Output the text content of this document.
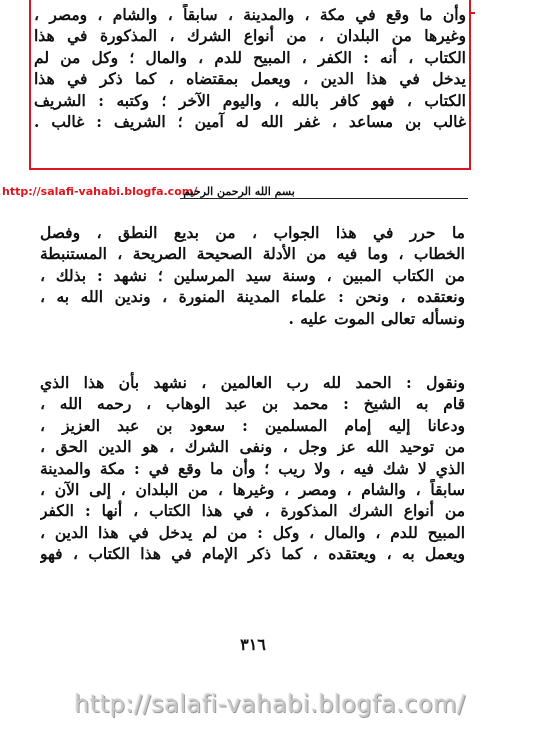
وأن ما وقع في مكة ، والمدينة ، سابقاً ، والشام ، ومصر ،
وغيرها من البلدان ، من أنواع الشرك ، المذكورة في هذا
الكتاب ، أنه : الكفر ، المبيح للدم ، والمال ؛ وكل من لم
يدخل في هذا الدين ، ويعمل بمقتضاه ، كما ذكر في هذا
الكتاب ، فهو كافر بالله ، واليوم الآخر ؛ وكتبه : الشريف
غالب بن مساعد ، غفر الله له آمين ؛ الشريف : غالب .
http://salafi-vahabi.blogfa.com/
بسم الله الرحمن الرحيم
ما حرر في هذا الجواب ، من بديع النطق ، وفصل
الخطاب ، وما فيه من الأدلة الصحيحة الصريحة ، المستنبطة
من الكتاب المبين ، وسنة سيد المرسلين ؛ نشهد : بذلك ،
ونعتقده ، ونحن : علماء المدينة المنورة ، وندين الله به ،
ونسأله تعالى الموت عليه .
ونقول : الحمد لله رب العالمين ، نشهد بأن هذا الذي
قام به الشيخ : محمد بن عبد الوهاب ، رحمه الله ،
ودعانا إليه إمام المسلمين : سعود بن عبد العزيز ،
من توحيد الله عز وجل ، ونفى الشرك ، هو الدين الحق ،
الذي لا شك فيه ، ولا ريب ؛ وأن ما وقع في : مكة والمدينة
سابقاً ، والشام ، ومصر ، وغيرها ، من البلدان ، إلى الآن ،
من أنواع الشرك المذكورة ، في هذا الكتاب ، أنها : الكفر
المبيح للدم ، والمال ، وكل : من لم يدخل في هذا الدين ،
ويعمل به ، ويعتقده ، كما ذكر الإمام في هذا الكتاب ، فهو
٣١٦
http://salafi-vahabi.blogfa.com/
